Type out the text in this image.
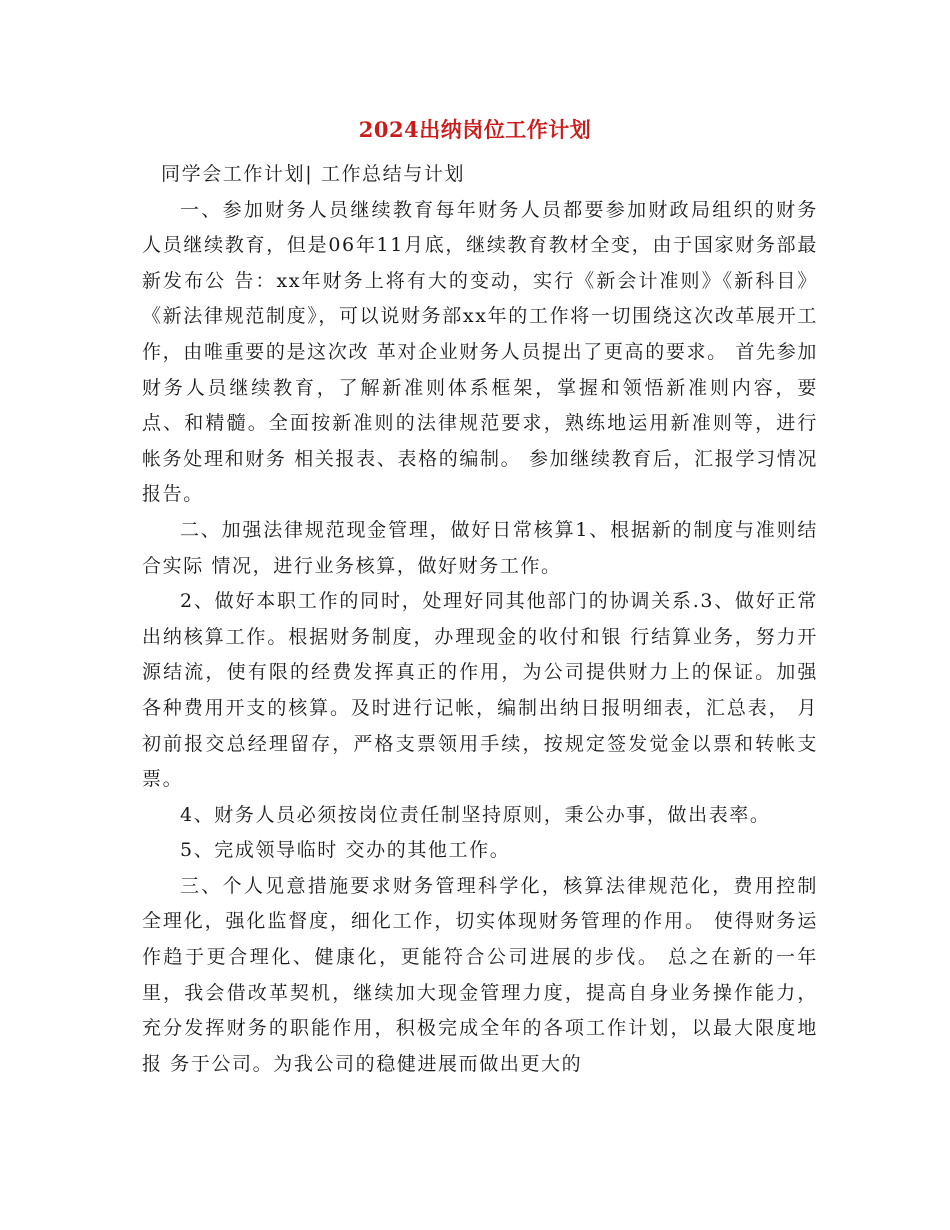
2024出纳岗位工作计划

同学会工作计划| 工作总结与计划

一、参加财务人员继续教育每年财务人员都要参加财政局组织的财务人员继续教育，但是06年11月底，继续教育教材全变，由于国家财务部最新发布公 告：xx年财务上将有大的变动，实行《新会计准则》《新科目》《新法律规范制度》，可以说财务部xx年的工作将一切围绕这次改革展开工作，由唯重要的是这次改 革对企业财务人员提出了更高的要求。 首先参加财务人员继续教育，了解新准则体系框架，掌握和领悟新准则内容，要点、和精髓。全面按新准则的法律规范要求，熟练地运用新准则等，进行帐务处理和财务 相关报表、表格的编制。 参加继续教育后，汇报学习情况报告。

二、加强法律规范现金管理，做好日常核算1、根据新的制度与准则结合实际 情况，进行业务核算，做好财务工作。

2、做好本职工作的同时，处理好同其他部门的协调关系.3、做好正常出纳核算工作。根据财务制度，办理现金的收付和银 行结算业务，努力开源结流，使有限的经费发挥真正的作用，为公司提供财力上的保证。加强各种费用开支的核算。及时进行记帐，编制出纳日报明细表，汇总表， 月初前报交总经理留存，严格支票领用手续，按规定签发觉金以票和转帐支票。

4、财务人员必须按岗位责任制坚持原则，秉公办事，做出表率。

5、完成领导临时 交办的其他工作。

三、个人见意措施要求财务管理科学化，核算法律规范化，费用控制全理化，强化监督度，细化工作，切实体现财务管理的作用。 使得财务运作趋于更合理化、健康化，更能符合公司进展的步伐。 总之在新的一年里，我会借改革契机，继续加大现金管理力度，提高自身业务操作能力，充分发挥财务的职能作用，积极完成全年的各项工作计划，以最大限度地报 务于公司。为我公司的稳健进展而做出更大的
